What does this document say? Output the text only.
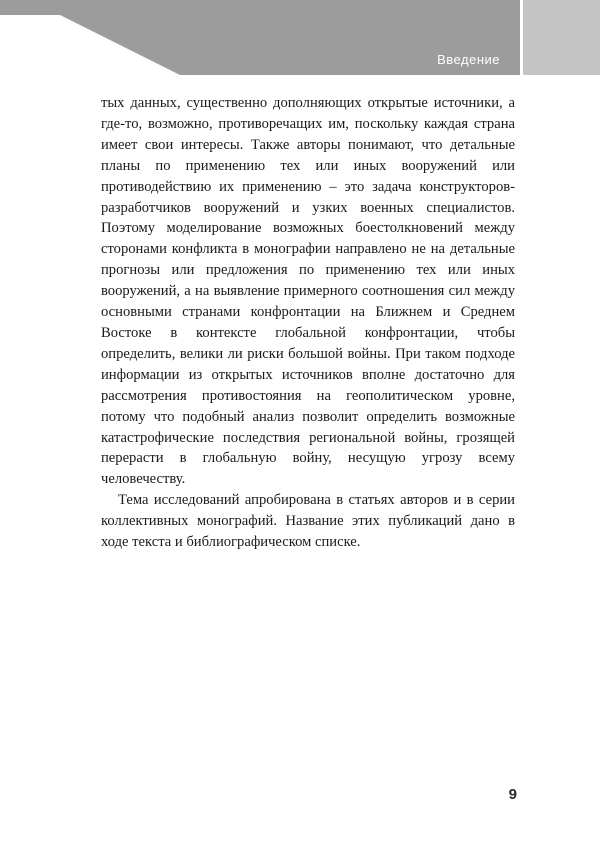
Введение

тых данных, существенно дополняющих открытые источники, а где-то, возможно, противоречащих им, поскольку каждая страна имеет свои интересы. Также авторы понимают, что детальные планы по применению тех или иных вооружений или противодействию их применению – это задача конструкторов-разработчиков вооружений и узких военных специалистов. Поэтому моделирование возможных боестолкновений между сторонами конфликта в монографии направлено не на детальные прогнозы или предложения по применению тех или иных вооружений, а на выявление примерного соотношения сил между основными странами конфронтации на Ближнем и Среднем Востоке в контексте глобальной конфронтации, чтобы определить, велики ли риски большой войны. При таком подходе информации из открытых источников вполне достаточно для рассмотрения противостояния на геополитическом уровне, потому что подобный анализ позволит определить возможные катастрофические последствия региональной войны, грозящей перерасти в глобальную войну, несущую угрозу всему человечеству.

Тема исследований апробирована в статьях авторов и в серии коллективных монографий. Название этих публикаций дано в ходе текста и библиографическом списке.

9
